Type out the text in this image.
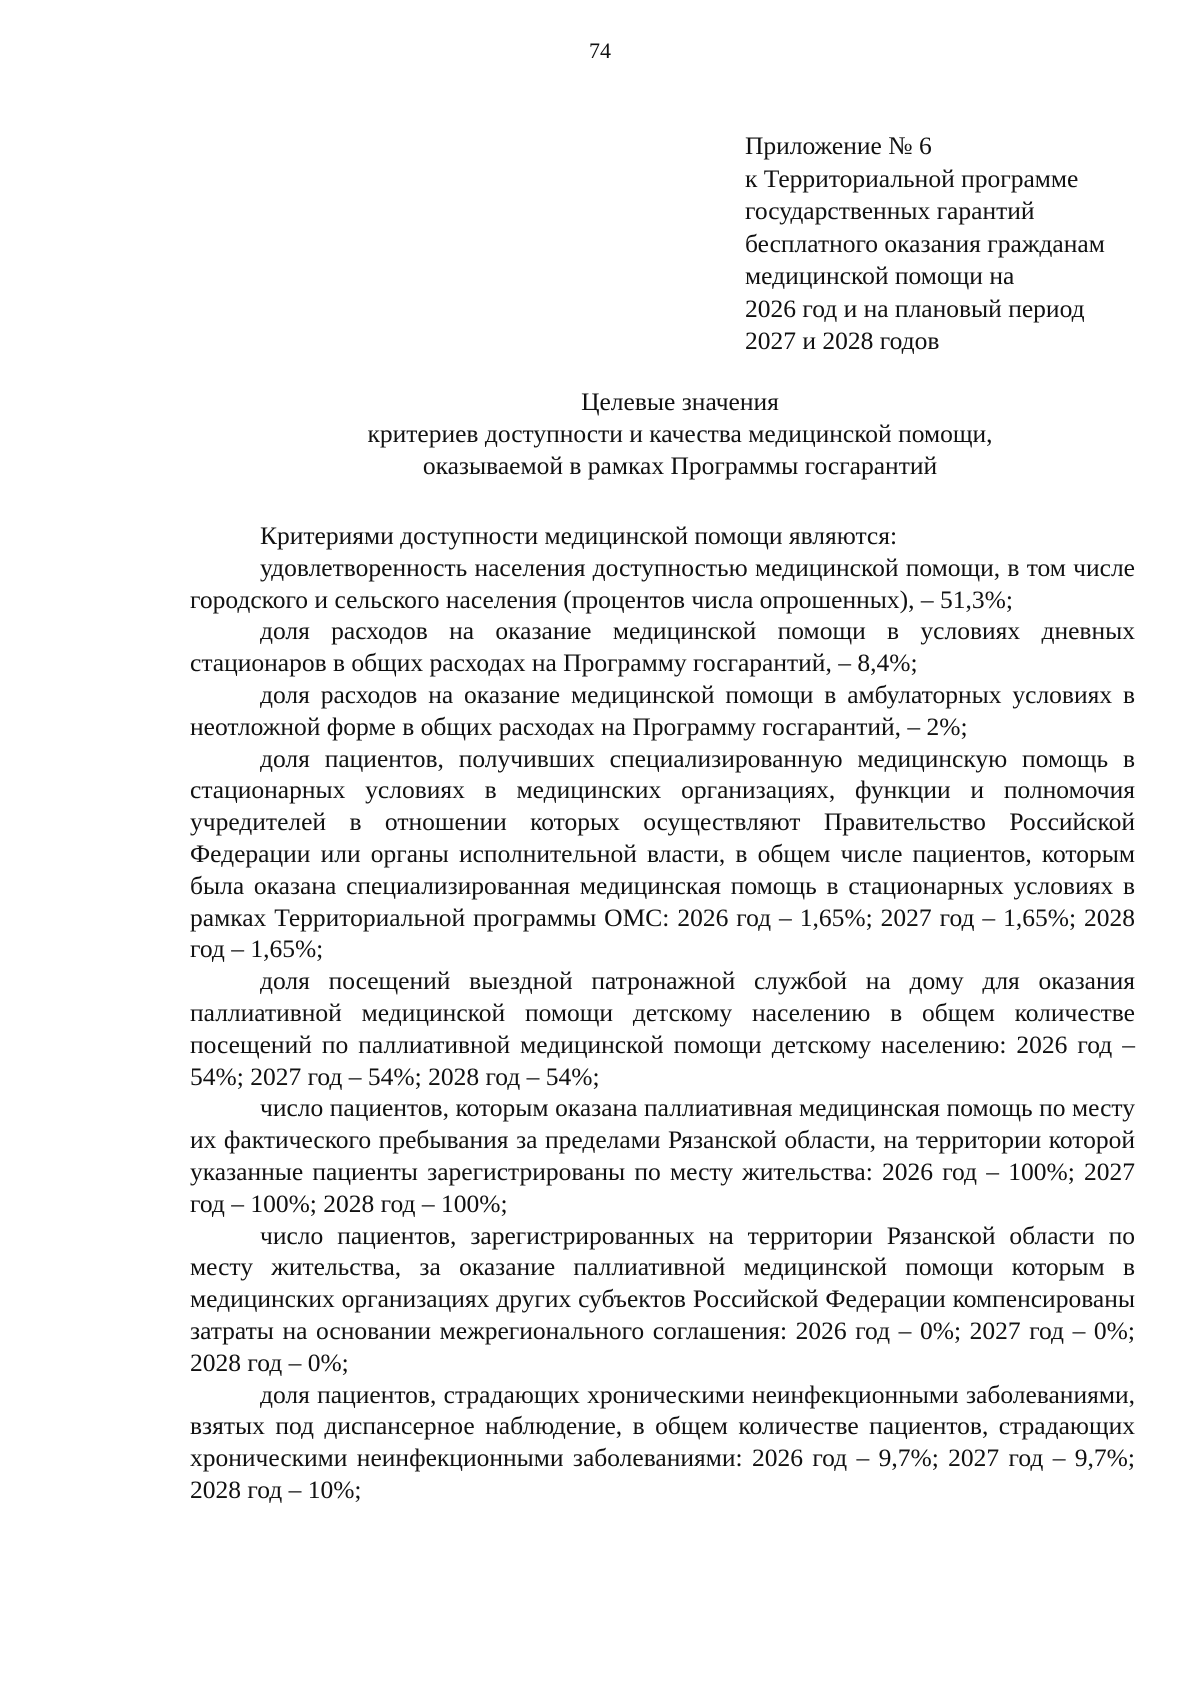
74
Приложение № 6
к Территориальной программе
государственных гарантий
бесплатного оказания гражданам
медицинской помощи на
2026 год и на плановый период
2027 и 2028 годов
Целевые значения
критериев доступности и качества медицинской помощи,
оказываемой в рамках Программы госгарантий

Критериями доступности медицинской помощи являются:

удовлетворенность населения доступностью медицинской помощи, в том числе городского и сельского населения (процентов числа опрошенных), – 51,3%;

доля расходов на оказание медицинской помощи в условиях дневных стационаров в общих расходах на Программу госгарантий, – 8,4%;

доля расходов на оказание медицинской помощи в амбулаторных условиях в неотложной форме в общих расходах на Программу госгарантий, – 2%;

доля пациентов, получивших специализированную медицинскую помощь в стационарных условиях в медицинских организациях, функции и полномочия учредителей в отношении которых осуществляют Правительство Российской Федерации или органы исполнительной власти, в общем числе пациентов, которым была оказана специализированная медицинская помощь в стационарных условиях в рамках Территориальной программы ОМС: 2026 год – 1,65%; 2027 год – 1,65%; 2028 год – 1,65%;

доля посещений выездной патронажной службой на дому для оказания паллиативной медицинской помощи детскому населению в общем количестве посещений по паллиативной медицинской помощи детскому населению: 2026 год – 54%; 2027 год – 54%; 2028 год – 54%;

число пациентов, которым оказана паллиативная медицинская помощь по месту их фактического пребывания за пределами Рязанской области, на территории которой указанные пациенты зарегистрированы по месту жительства: 2026 год – 100%; 2027 год – 100%; 2028 год – 100%;

число пациентов, зарегистрированных на территории Рязанской области по месту жительства, за оказание паллиативной медицинской помощи которым в медицинских организациях других субъектов Российской Федерации компенсированы затраты на основании межрегионального соглашения: 2026 год – 0%; 2027 год – 0%; 2028 год – 0%;

доля пациентов, страдающих хроническими неинфекционными заболеваниями, взятых под диспансерное наблюдение, в общем количестве пациентов, страдающих хроническими неинфекционными заболеваниями: 2026 год – 9,7%; 2027 год – 9,7%; 2028 год – 10%;
